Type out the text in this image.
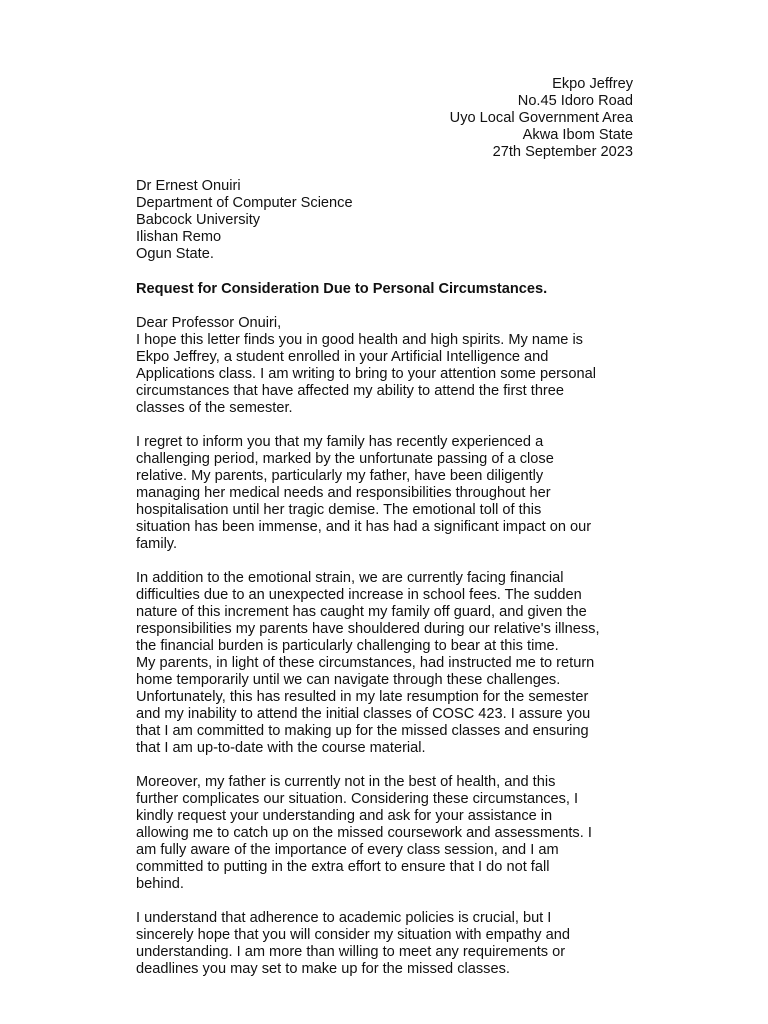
Ekpo Jeffrey
No.45 Idoro Road
Uyo Local Government Area
Akwa Ibom State
27th September 2023
Dr Ernest Onuiri
Department of Computer Science
Babcock University
Ilishan Remo
Ogun State.
Request for Consideration Due to Personal Circumstances.
Dear Professor Onuiri,
I hope this letter finds you in good health and high spirits. My name is
Ekpo Jeffrey, a student enrolled in your Artificial Intelligence and
Applications class. I am writing to bring to your attention some personal
circumstances that have affected my ability to attend the first three
classes of the semester.
I regret to inform you that my family has recently experienced a
challenging period, marked by the unfortunate passing of a close
relative. My parents, particularly my father, have been diligently
managing her medical needs and responsibilities throughout her
hospitalisation until her tragic demise. The emotional toll of this
situation has been immense, and it has had a significant impact on our
family.
In addition to the emotional strain, we are currently facing financial
difficulties due to an unexpected increase in school fees. The sudden
nature of this increment has caught my family off guard, and given the
responsibilities my parents have shouldered during our relative's illness,
the financial burden is particularly challenging to bear at this time.
My parents, in light of these circumstances, had instructed me to return
home temporarily until we can navigate through these challenges.
Unfortunately, this has resulted in my late resumption for the semester
and my inability to attend the initial classes of COSC 423. I assure you
that I am committed to making up for the missed classes and ensuring
that I am up-to-date with the course material.
Moreover, my father is currently not in the best of health, and this
further complicates our situation. Considering these circumstances, I
kindly request your understanding and ask for your assistance in
allowing me to catch up on the missed coursework and assessments. I
am fully aware of the importance of every class session, and I am
committed to putting in the extra effort to ensure that I do not fall
behind.
I understand that adherence to academic policies is crucial, but I
sincerely hope that you will consider my situation with empathy and
understanding. I am more than willing to meet any requirements or
deadlines you may set to make up for the missed classes.
